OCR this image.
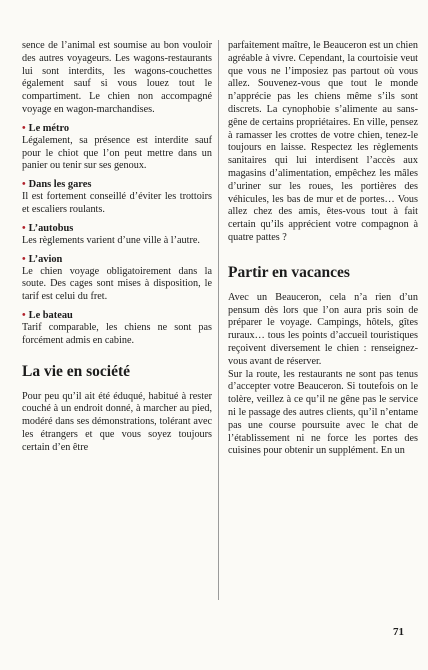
sence de l’animal est soumise au bon vouloir des autres voyageurs. Les wagons-restaurants lui sont interdits, les wagons-couchettes également sauf si vous louez tout le compartiment. Le chien non accompagné voyage en wagon-marchandises.

• Le métro

Légalement, sa présence est interdite sauf pour le chiot que l’on peut mettre dans un panier ou tenir sur ses genoux.

• Dans les gares

Il est fortement conseillé d’éviter les trottoirs et escaliers roulants.

• L’autobus

Les règlements varient d’une ville à l’autre.

• L’avion

Le chien voyage obligatoirement dans la soute. Des cages sont mises à disposition, le tarif est celui du fret.

• Le bateau

Tarif comparable, les chiens ne sont pas forcément admis en cabine.

La vie en société

Pour peu qu’il ait été éduqué, habitué à rester couché à un endroit donné, à marcher au pied, modéré dans ses démonstrations, tolérant avec les étrangers et que vous soyez toujours certain d’en être

parfaitement maître, le Beauceron est un chien agréable à vivre. Cependant, la courtoisie veut que vous ne l’imposiez pas partout où vous allez. Souvenez-vous que tout le monde n’apprécie pas les chiens même s’ils sont discrets. La cynophobie s’alimente au sans-gêne de certains propriétaires. En ville, pensez à ramasser les crottes de votre chien, tenez-le toujours en laisse. Respectez les règlements sanitaires qui lui interdisent l’accès aux magasins d’alimentation, empêchez les mâles d’uriner sur les roues, les portières des véhicules, les bas de mur et de portes… Vous allez chez des amis, êtes-vous tout à fait certain qu’ils apprécient votre compagnon à quatre pattes ?

Partir en vacances

Avec un Beauceron, cela n’a rien d’un pensum dès lors que l’on aura pris soin de préparer le voyage. Campings, hôtels, gîtes ruraux… tous les points d’accueil touristiques reçoivent diversement le chien : renseignez-vous avant de réserver.

Sur la route, les restaurants ne sont pas tenus d’accepter votre Beauceron. Si toutefois on le tolère, veillez à ce qu’il ne gêne pas le service ni le passage des autres clients, qu’il n’entame pas une course poursuite avec le chat de l’établissement ni ne force les portes des cuisines pour obtenir un supplément. En un

71
